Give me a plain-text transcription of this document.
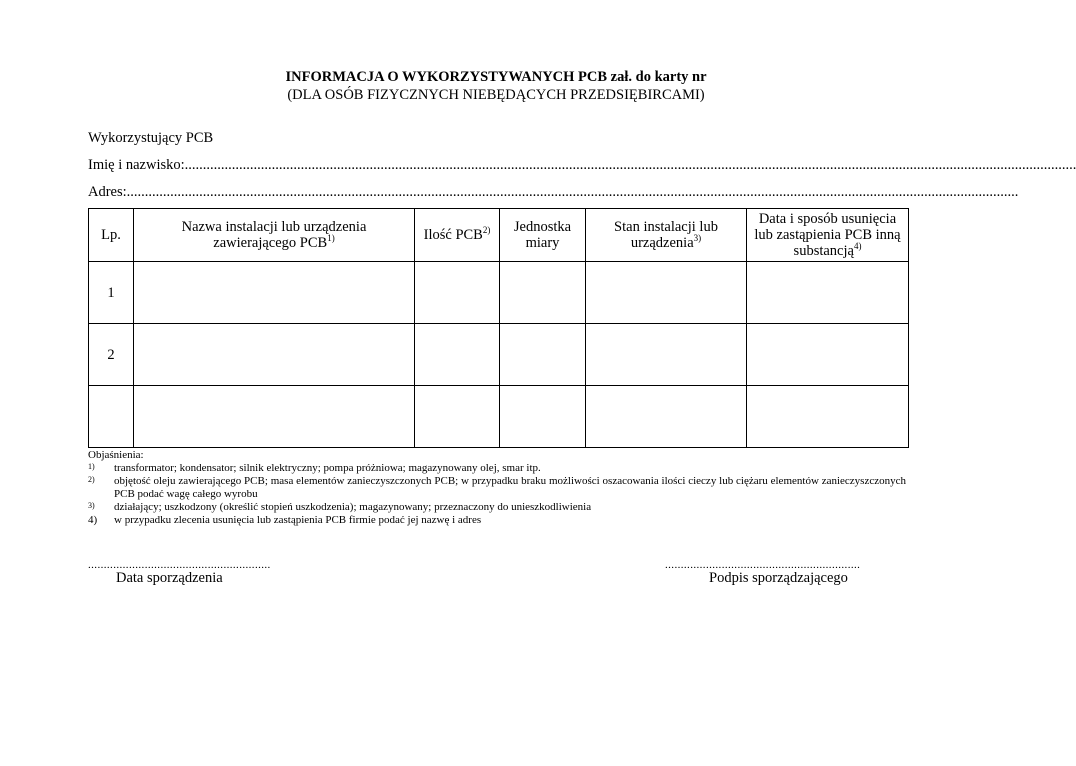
INFORMACJA O WYKORZYSTYWANYCH PCB zał. do karty nr
(DLA OSÓB FIZYCZNYCH NIEBĘDĄCYCH PRZEDSIĘBIRCAMI)
Wykorzystujący PCB
Imię i nazwisko:......................................................................................................................................................................................................................................................
Adres:......................................................................................................................................................................................................................................................
Lp.	Nazwa instalacji lub urządzenia zawierającego PCB$^{1)}$	Ilość PCB$^{2)}$	Jednostka miary	Stan instalacji lub urządzenia$^{3)}$	Data i sposób usunięcia lub zastąpienia PCB inną substancją$^{4)}$
1					
2					

Objaśnienia:
1) transformator; kondensator; silnik elektryczny; pompa próżniowa; magazynowany olej, smar itp.
2) objętość oleju zawierającego PCB; masa elementów zanieczyszczonych PCB; w przypadku braku możliwości oszacowania ilości cieczy lub ciężaru elementów zanieczyszczonych PCB podać wagę całego wyrobu
3) działający; uszkodzony (określić stopień uszkodzenia); magazynowany; przeznaczony do unieszkodliwienia
4) w przypadku zlecenia usunięcia lub zastąpienia PCB firmie podać jej nazwę i adres
..........................................................
Data sporządzenia
..............................................................
Podpis sporządzającego
